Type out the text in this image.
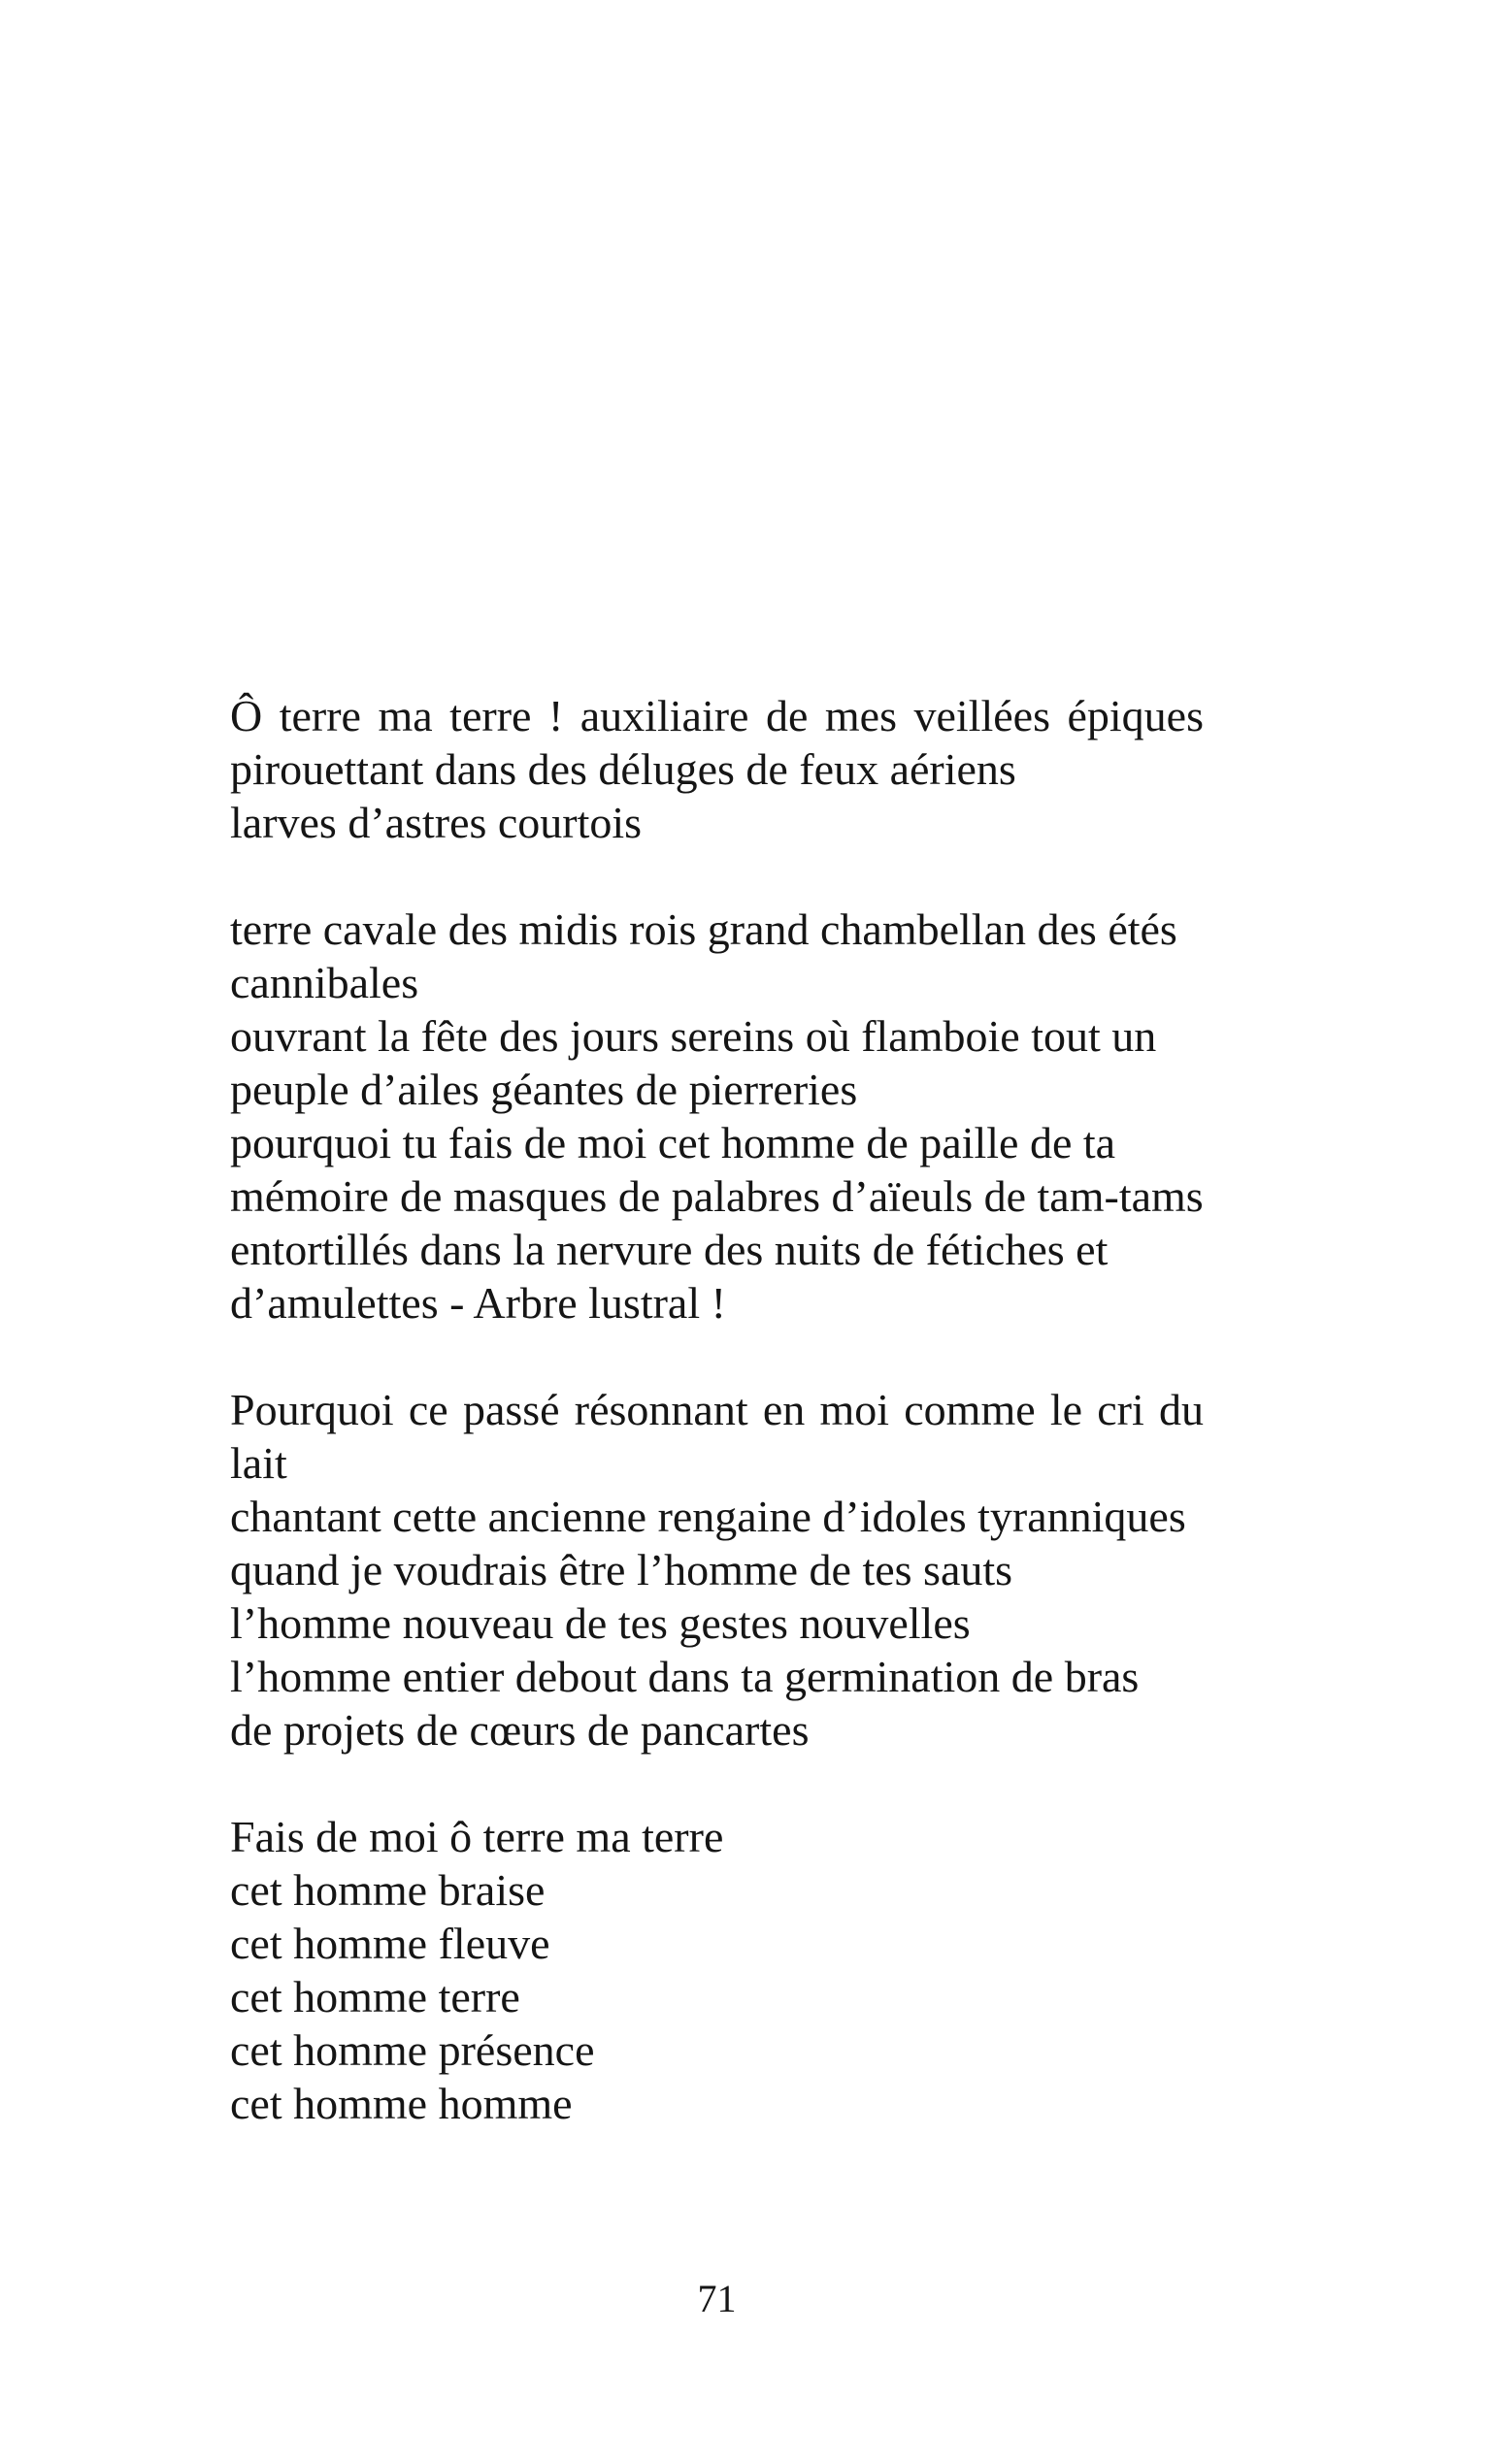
Ô terre ma terre ! auxiliaire de mes veillées épiques
pirouettant dans des déluges de feux aériens
larves d’astres courtois
terre cavale des midis rois grand chambellan des étés
cannibales
ouvrant la fête des jours sereins où flamboie tout un
peuple d’ailes géantes de pierreries
pourquoi tu fais de moi cet homme de paille de ta
mémoire de masques de palabres d’aïeuls de tam-tams
entortillés dans la nervure des nuits de fétiches et
d’amulettes - Arbre lustral !
Pourquoi ce passé résonnant en moi comme le cri du
lait
chantant cette ancienne rengaine d’idoles tyranniques
quand je voudrais être l’homme de tes sauts
l’homme nouveau de tes gestes nouvelles
l’homme entier debout dans ta germination de bras
de projets de cœurs de pancartes
Fais de moi ô terre ma terre
cet homme braise
cet homme fleuve
cet homme terre
cet homme présence
cet homme homme
71
